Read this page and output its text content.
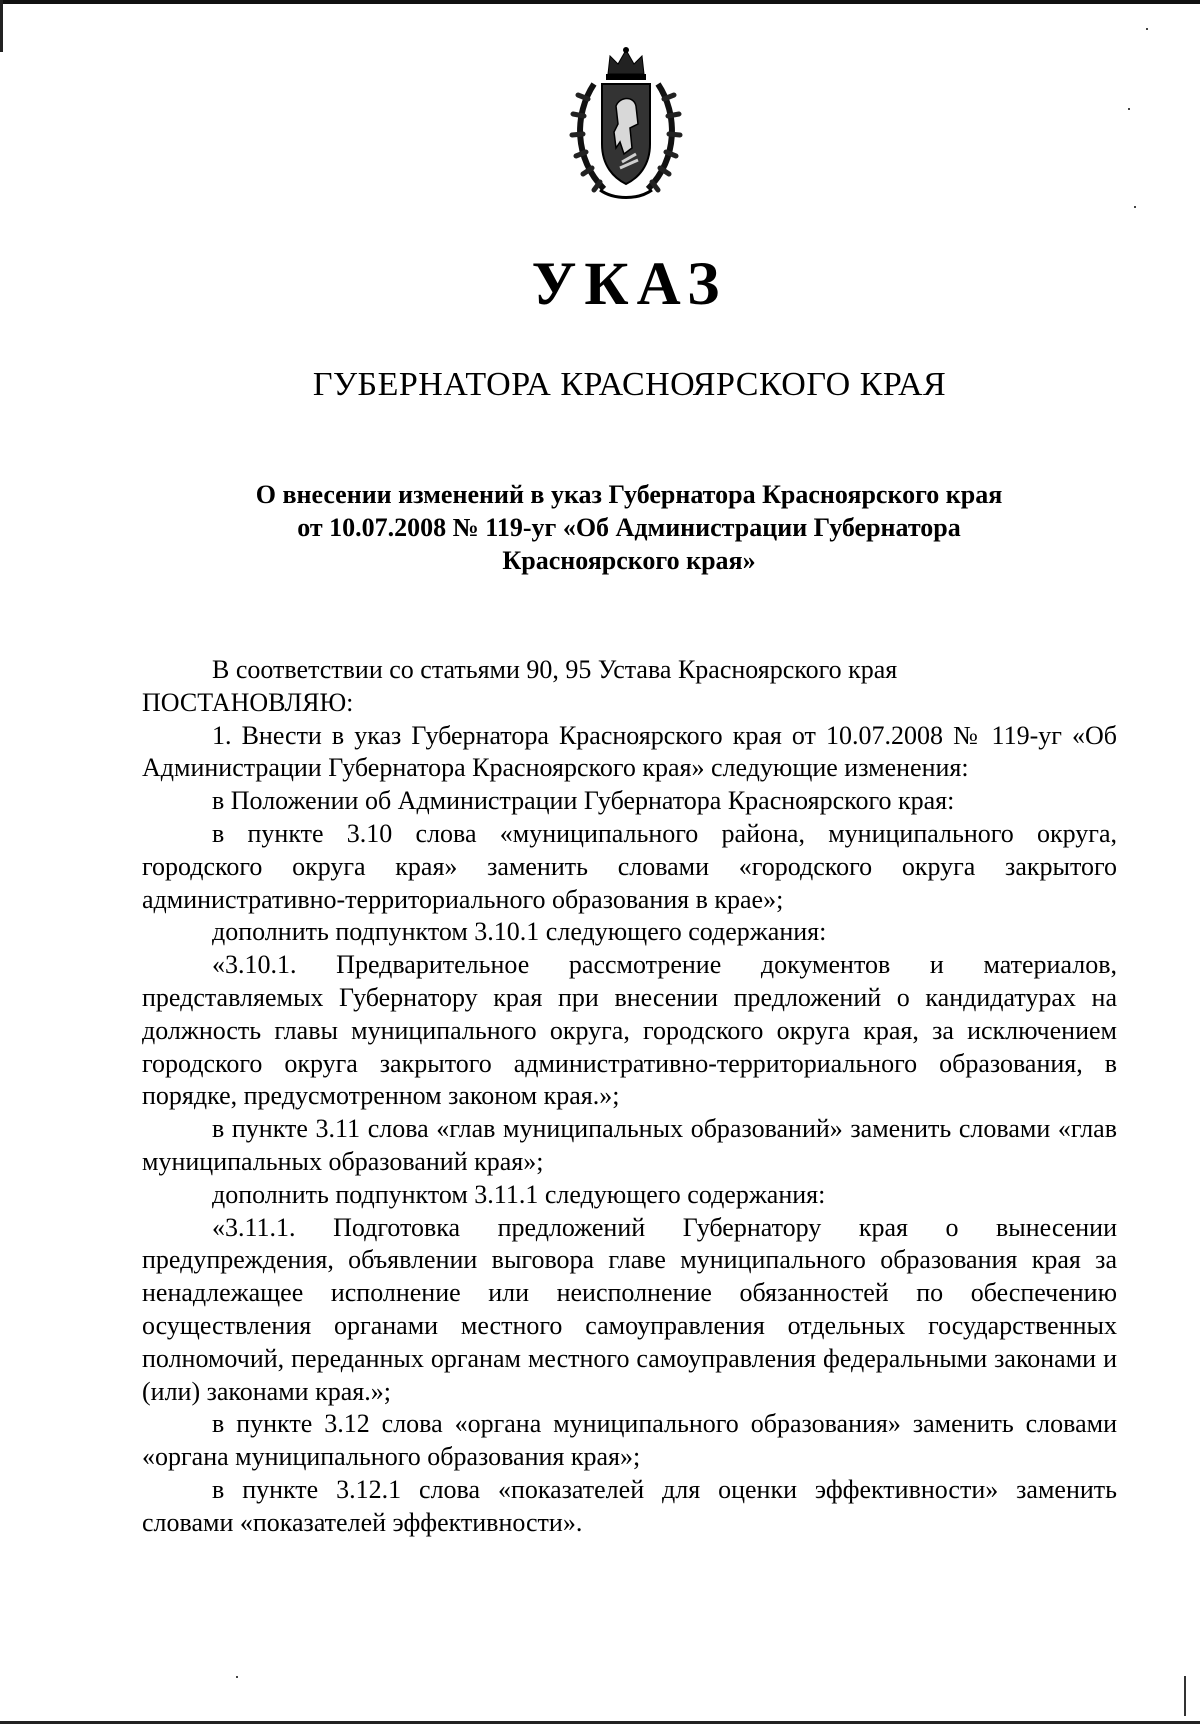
УКАЗ
ГУБЕРНАТОРА КРАСНОЯРСКОГО КРАЯ
О внесении изменений в указ Губернатора Красноярского края
от 10.07.2008 № 119-уг «Об Администрации Губернатора
Красноярского края»

В соответствии со статьями 90, 95 Устава Красноярского края

ПОСТАНОВЛЯЮ:

1. Внести в указ Губернатора Красноярского края от 10.07.2008 № 119-уг «Об Администрации Губернатора Красноярского края» следующие изменения:

в Положении об Администрации Губернатора Красноярского края:

в пункте 3.10 слова «муниципального района, муниципального округа, городского округа края» заменить словами «городского округа закрытого административно-территориального образования в крае»;

дополнить подпунктом 3.10.1 следующего содержания:

«3.10.1. Предварительное рассмотрение документов и материалов, представляемых Губернатору края при внесении предложений о кандидатурах на должность главы муниципального округа, городского округа края, за исключением городского округа закрытого административно-территориального образования, в порядке, предусмотренном законом края.»;

в пункте 3.11 слова «глав муниципальных образований» заменить словами «глав муниципальных образований края»;

дополнить подпунктом 3.11.1 следующего содержания:

«3.11.1. Подготовка предложений Губернатору края о вынесении предупреждения, объявлении выговора главе муниципального образования края за ненадлежащее исполнение или неисполнение обязанностей по обеспечению осуществления органами местного самоуправления отдельных государственных полномочий, переданных органам местного самоуправления федеральными законами и (или) законами края.»;

в пункте 3.12 слова «органа муниципального образования» заменить словами «органа муниципального образования края»;

в пункте 3.12.1 слова «показателей для оценки эффективности» заменить словами «показателей эффективности».
